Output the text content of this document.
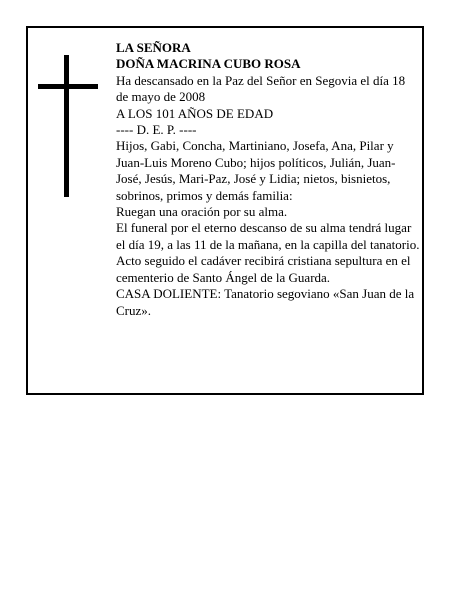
LA SEÑORA

DOÑA MACRINA CUBO ROSA

Ha descansado en la Paz del Señor en Segovia el día 18 de mayo de 2008

A LOS 101 AÑOS DE EDAD

---- D. E. P. ----

Hijos, Gabi, Concha, Martiniano, Josefa, Ana, Pilar y Juan-Luis Moreno Cubo; hijos políticos, Julián, Juan-José, Jesús, Mari-Paz, José y Lidia; nietos, bisnietos, sobrinos, primos y demás familia:

Ruegan una oración por su alma.

El funeral por el eterno descanso de su alma tendrá lugar el día 19, a las 11 de la mañana, en la capilla del tanatorio. Acto seguido el cadáver recibirá cristiana sepultura en el cementerio de Santo Ángel de la Guarda.

CASA DOLIENTE: Tanatorio segoviano «San Juan de la Cruz».
